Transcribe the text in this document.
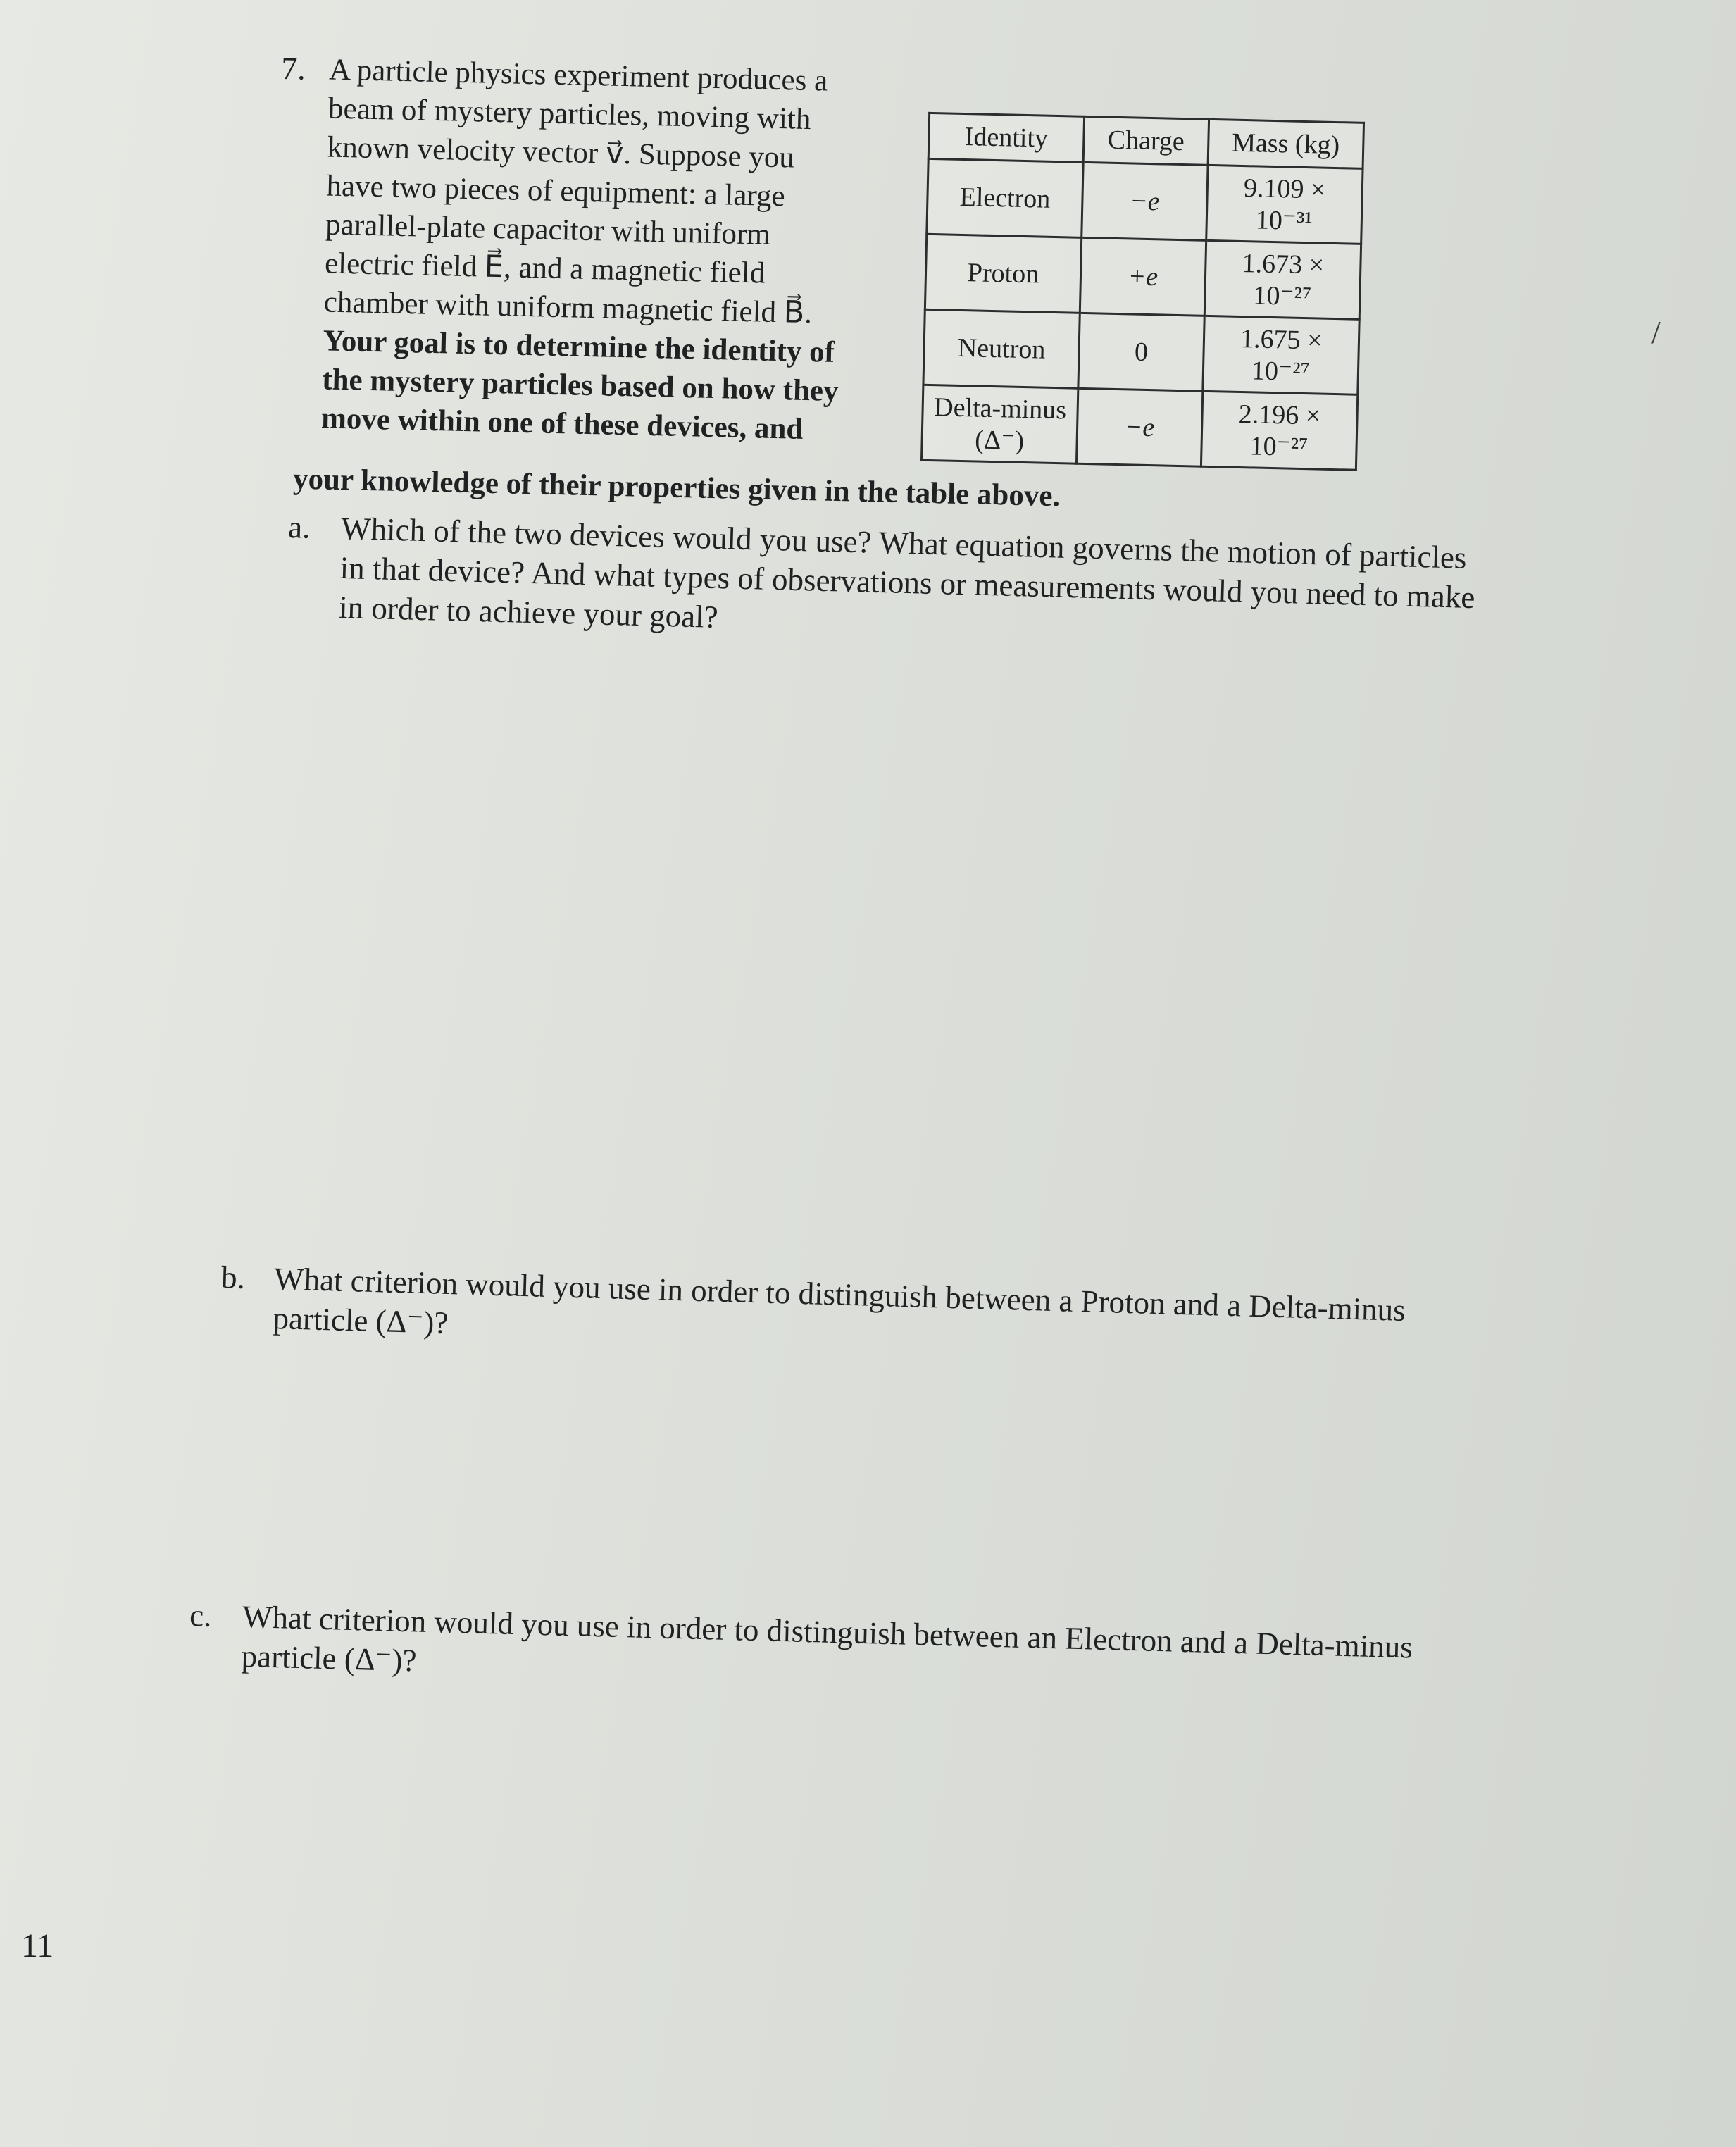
7. A particle physics experiment produces a
beam of mystery particles, moving with
known velocity vector v⃗. Suppose you
have two pieces of equipment: a large
parallel-plate capacitor with uniform
electric field E⃗, and a magnetic field
chamber with uniform magnetic field B⃗.
Your goal is to determine the identity of
the mystery particles based on how they
move within one of these devices, and
your knowledge of their properties given in the table above.
Identity	Charge	Mass (kg)
Electron	−e	9.109 × 10⁻³¹
Proton	+e	1.673 × 10⁻²⁷
Neutron	0	1.675 × 10⁻²⁷

Delta-minus
(Δ⁻)	−e	2.196 × 10⁻²⁷
a. Which of the two devices would you use? What equation governs the motion of particles in that device? And what types of observations or measurements would you need to make in order to achieve your goal?
b. What criterion would you use in order to distinguish between a Proton and a Delta-minus particle (Δ⁻)?
c. What criterion would you use in order to distinguish between an Electron and a Delta-minus particle (Δ⁻)?
11
/
